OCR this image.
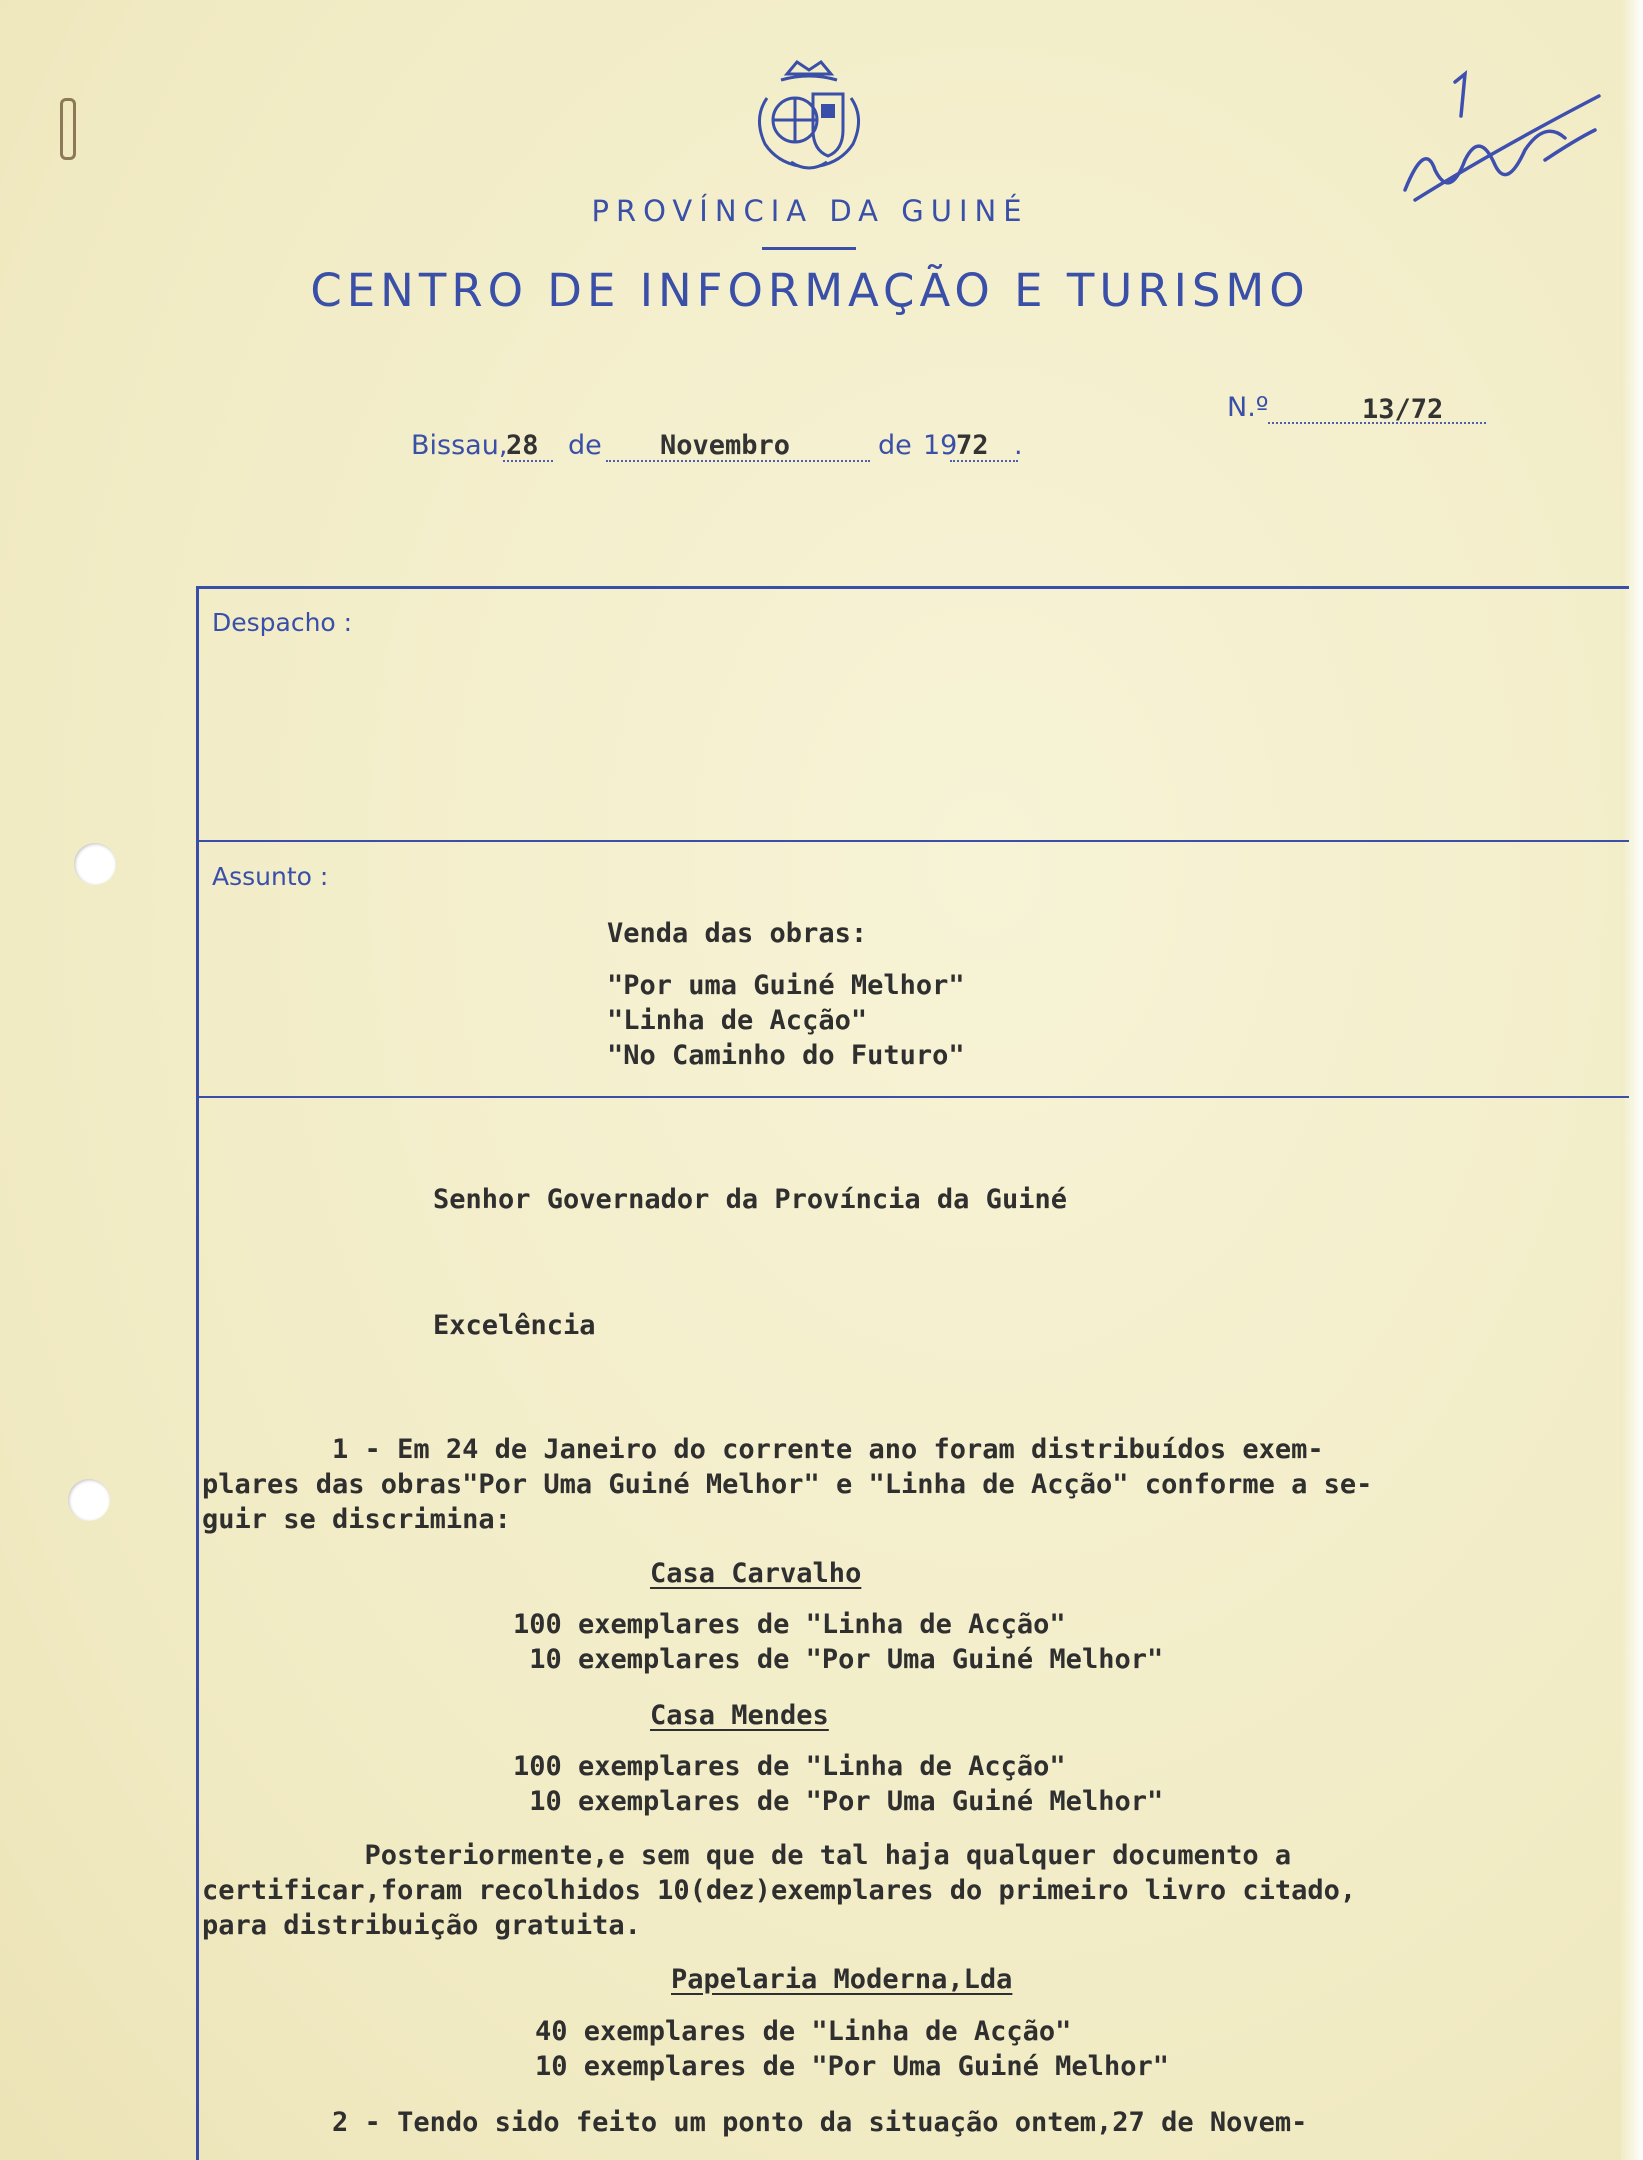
PROVÍNCIA DA GUINÉ
CENTRO DE INFORMAÇÃO E TURISMO
N.º	13/72
Bissau,
28 de Novembro	de 19
72 .
Despacho :
Assunto :
Venda das obras:
"Por uma Guiné Melhor"
"Linha de Acção"
"No Caminho do Futuro"
Senhor Governador da Província da Guiné
Excelência
1 - Em 24 de Janeiro do corrente ano foram distribuídos exem-
plares das obras"Por Uma Guiné Melhor" e "Linha de Acção" conforme a se-
guir se discrimina:
Casa Carvalho
100 exemplares de "Linha de Acção"
10 exemplares de "Por Uma Guiné Melhor"
Casa Mendes
100 exemplares de "Linha de Acção"
10 exemplares de "Por Uma Guiné Melhor"
Posteriormente,e sem que de tal haja qualquer documento a
certificar,foram recolhidos 10(dez)exemplares do primeiro livro citado,
para distribuição gratuita.
Papelaria Moderna,Lda
40 exemplares de "Linha de Acção"
10 exemplares de "Por Uma Guiné Melhor"
2 - Tendo sido feito um ponto da situação ontem,27 de Novem-
